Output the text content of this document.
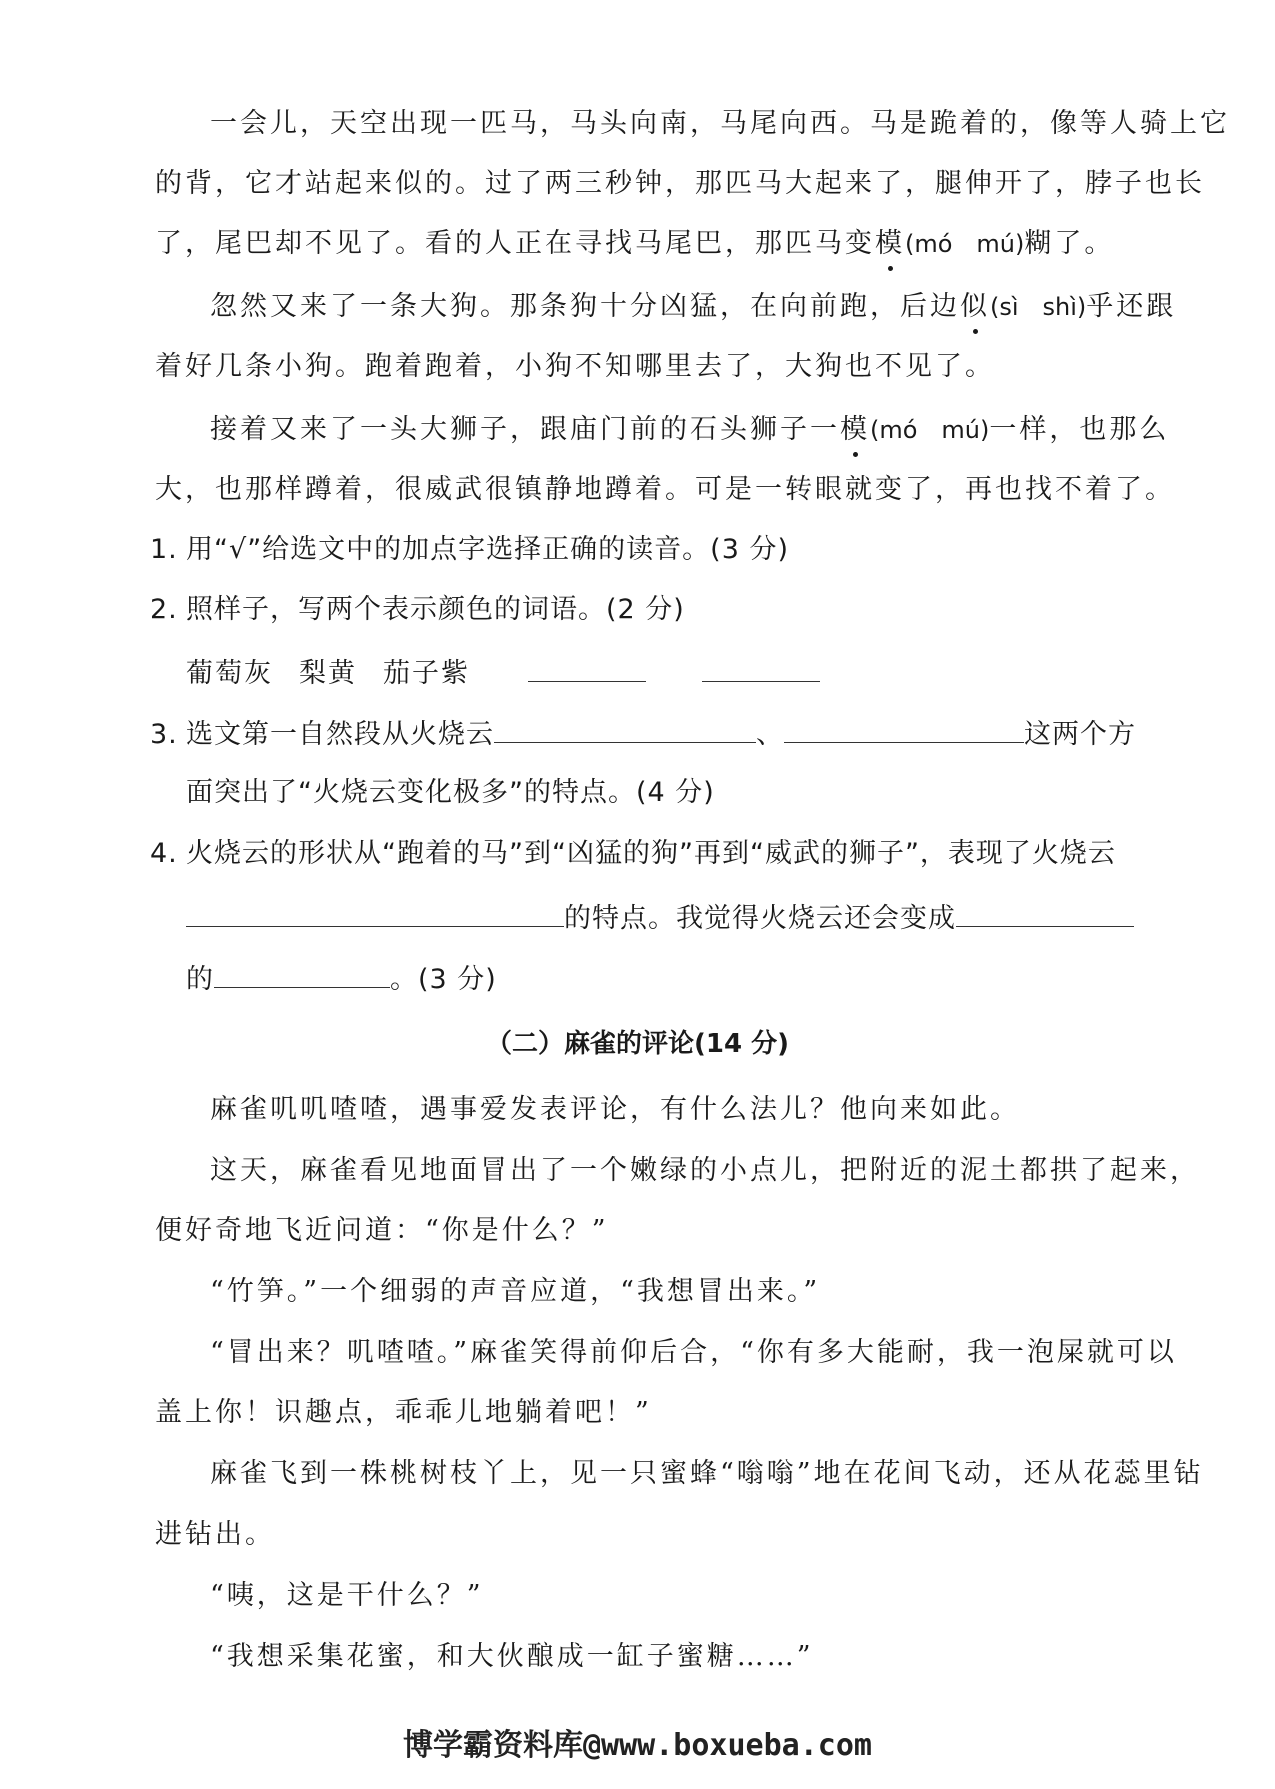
一会儿，天空出现一匹马，马头向南，马尾向西。马是跪着的，像等人骑上它
的背，它才站起来似的。过了两三秒钟，那匹马大起来了，腿伸开了，脖子也长
了，尾巴却不见了。看的人正在寻找马尾巴，那匹马变模(mó　mú)糊了。
忽然又来了一条大狗。那条狗十分凶猛，在向前跑，后边似(sì　shì)乎还跟
着好几条小狗。跑着跑着，小狗不知哪里去了，大狗也不见了。
接着又来了一头大狮子，跟庙门前的石头狮子一模(mó　mú)一样，也那么
大，也那样蹲着，很威武很镇静地蹲着。可是一转眼就变了，再也找不着了。
1. 用“√”给选文中的加点字选择正确的读音。(3 分)
2. 照样子，写两个表示颜色的词语。(2 分)
葡萄灰 梨黄 茄子紫
3. 选文第一自然段从火烧云	、	这两个方
面突出了“火烧云变化极多”的特点。(4 分)
4. 火烧云的形状从“跑着的马”到“凶猛的狗”再到“威武的狮子”，表现了火烧云
的特点。我觉得火烧云还会变成
的	。(3 分)
（二）麻雀的评论(14 分)
麻雀叽叽喳喳，遇事爱发表评论，有什么法儿？他向来如此。
这天，麻雀看见地面冒出了一个嫩绿的小点儿，把附近的泥土都拱了起来，
便好奇地飞近问道：“你是什么？”
“竹笋。”一个细弱的声音应道，“我想冒出来。”
“冒出来？叽喳喳。”麻雀笑得前仰后合，“你有多大能耐，我一泡屎就可以
盖上你！识趣点，乖乖儿地躺着吧！”
麻雀飞到一株桃树枝丫上，见一只蜜蜂“嗡嗡”地在花间飞动，还从花蕊里钻
进钻出。
“咦，这是干什么？”
“我想采集花蜜，和大伙酿成一缸子蜜糖……”
博学霸资料库@www.boxueba.com
